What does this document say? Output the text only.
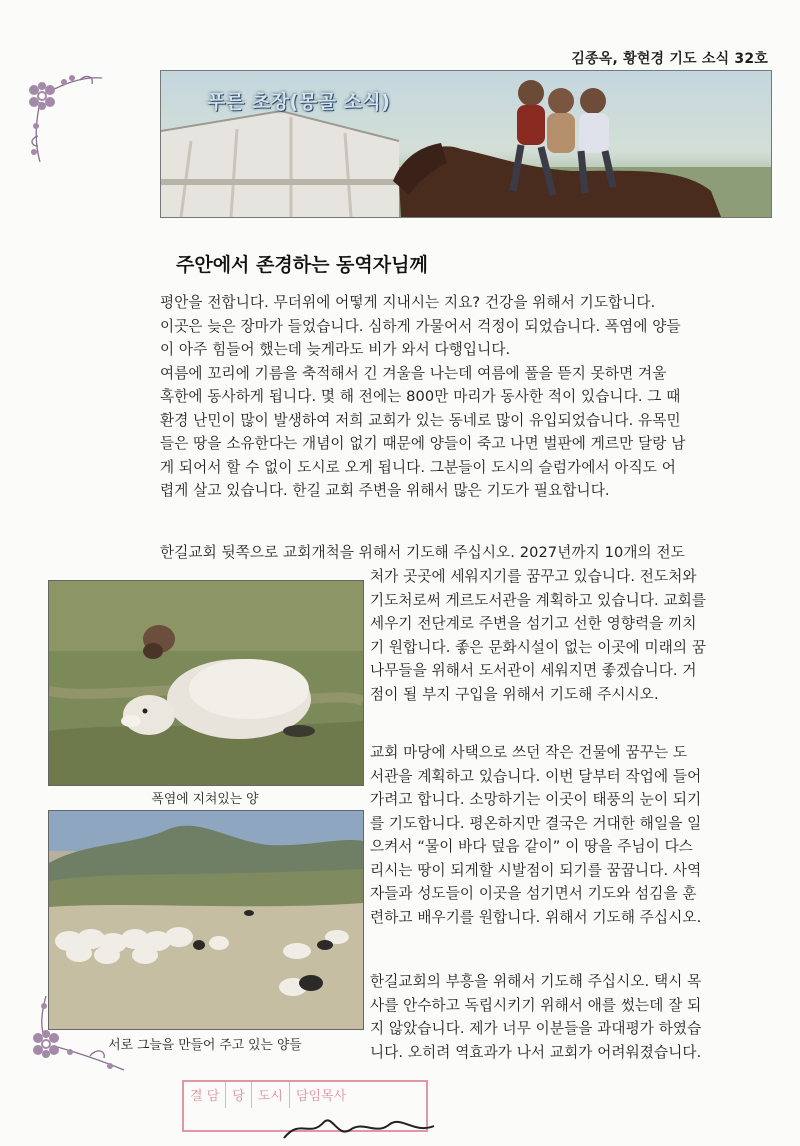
김종옥, 황현경 기도 소식 32호
푸른 초장(몽골 소식)
주안에서 존경하는 동역자님께
평안을 전합니다. 무더위에 어떻게 지내시는 지요? 건강을 위해서 기도합니다.
이곳은 늦은 장마가 들었습니다. 심하게 가물어서 걱정이 되었습니다. 폭염에 양들
이 아주 힘들어 했는데 늦게라도 비가 와서 다행입니다.
여름에 꼬리에 기름을 축적해서 긴 겨울을 나는데 여름에 풀을 뜯지 못하면 겨울
혹한에 동사하게 됩니다. 몇 해 전에는 800만 마리가 동사한 적이 있습니다. 그 때
환경 난민이 많이 발생하여 저희 교회가 있는 동네로 많이 유입되었습니다. 유목민
들은 땅을 소유한다는 개념이 없기 때문에 양들이 죽고 나면 벌판에 게르만 달랑 남
게 되어서 할 수 없이 도시로 오게 됩니다. 그분들이 도시의 슬럼가에서 아직도 어
렵게 살고 있습니다. 한길 교회 주변을 위해서 많은 기도가 필요합니다.
한길교회 뒷쪽으로 교회개척을 위해서 기도해 주십시오. 2027년까지 10개의 전도
처가 곳곳에 세워지기를 꿈꾸고 있습니다. 전도처와
기도처로써 게르도서관을 계획하고 있습니다. 교회를
세우기 전단계로 주변을 섬기고 선한 영향력을 끼치
기 원합니다. 좋은 문화시설이 없는 이곳에 미래의 꿈
나무들을 위해서 도서관이 세워지면 좋겠습니다. 거
점이 될 부지 구입을 위해서 기도해 주시시오.
교회 마당에 사택으로 쓰던 작은 건물에 꿈꾸는 도
서관을 계획하고 있습니다. 이번 달부터 작업에 들어
가려고 합니다. 소망하기는 이곳이 태풍의 눈이 되기
를 기도합니다. 평온하지만 결국은 거대한 해일을 일
으켜서 “물이 바다 덮음 같이” 이 땅을 주님이 다스
리시는 땅이 되게할 시발점이 되기를 꿈꿉니다. 사역
자들과 성도들이 이곳을 섬기면서 기도와 섬김을 훈
련하고 배우기를 원합니다. 위해서 기도해 주십시오.
한길교회의 부흥을 위해서 기도해 주십시오. 택시 목
사를 안수하고 독립시키기 위해서 애를 썼는데 잘 되
지 않았습니다. 제가 너무 이분들을 과대평가 하였습
니다. 오히려 역효과가 나서 교회가 어려워졌습니다.
폭염에 지쳐있는 양
서로 그늘을 만들어 주고 있는 양들
결 담	당	도시	담임목사
